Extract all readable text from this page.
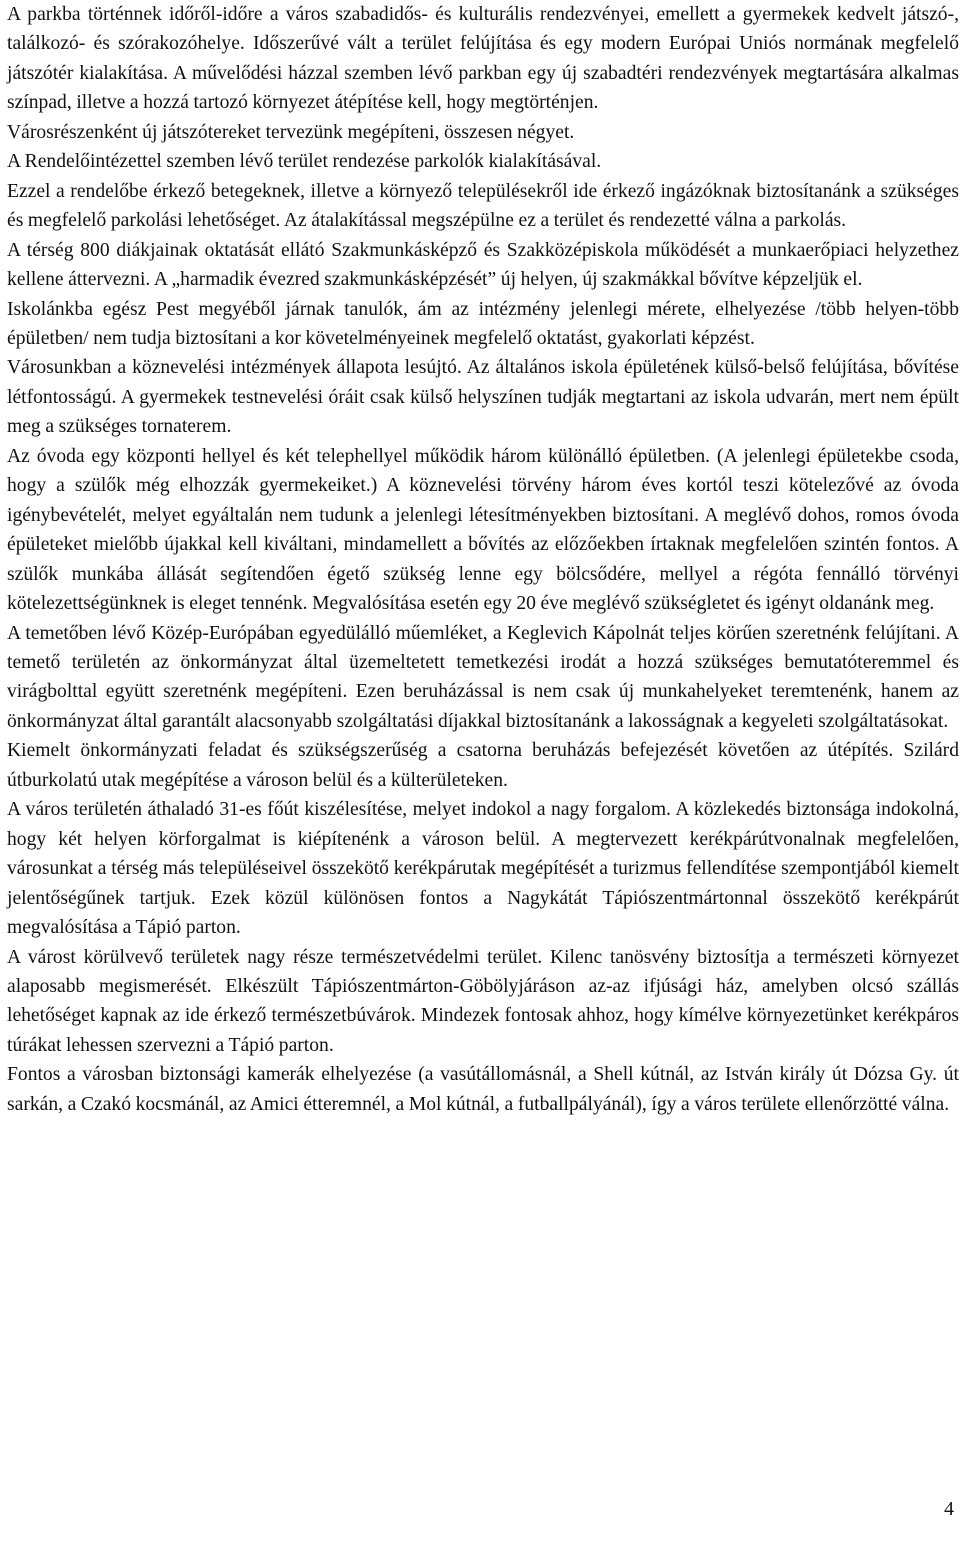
A parkba történnek időről-időre a város szabadidős- és kulturális rendezvényei, emellett a gyermekek kedvelt játszó-, találkozó- és szórakozóhelye. Időszerűvé vált a terület felújítása és egy modern Európai Uniós normának megfelelő játszótér kialakítása. A művelődési házzal szemben lévő parkban egy új szabadtéri rendezvények megtartására alkalmas színpad, illetve a hozzá tartozó környezet átépítése kell, hogy megtörténjen.

Városrészenként új játszótereket tervezünk megépíteni, összesen négyet.

A Rendelőintézettel szemben lévő terület rendezése parkolók kialakításával.

Ezzel a rendelőbe érkező betegeknek, illetve a környező településekről ide érkező ingázóknak biztosítanánk a szükséges és megfelelő parkolási lehetőséget. Az átalakítással megszépülne ez a terület és rendezetté válna a parkolás.

A térség 800 diákjainak oktatását ellátó Szakmunkásképző és Szakközépiskola működését a munkaerőpiaci helyzethez kellene áttervezni. A „harmadik évezred szakmunkásképzését” új helyen, új szakmákkal bővítve képzeljük el.

Iskolánkba egész Pest megyéből járnak tanulók, ám az intézmény jelenlegi mérete, elhelyezése /több helyen-több épületben/ nem tudja biztosítani a kor követelményeinek megfelelő oktatást, gyakorlati képzést.

Városunkban a köznevelési intézmények állapota lesújtó. Az általános iskola épületének külső-belső felújítása, bővítése létfontosságú. A gyermekek testnevelési óráit csak külső helyszínen tudják megtartani az iskola udvarán, mert nem épült meg a szükséges tornaterem.

Az óvoda egy központi hellyel és két telephellyel működik három különálló épületben. (A jelenlegi épületekbe csoda, hogy a szülők még elhozzák gyermekeiket.) A köznevelési törvény három éves kortól teszi kötelezővé az óvoda igénybevételét, melyet egyáltalán nem tudunk a jelenlegi létesítményekben biztosítani. A meglévő dohos, romos óvoda épületeket mielőbb újakkal kell kiváltani, mindamellett a bővítés az előzőekben írtaknak megfelelően szintén fontos. A szülők munkába állását segítendően égető szükség lenne egy bölcsődére, mellyel a régóta fennálló törvényi kötelezettségünknek is eleget tennénk. Megvalósítása esetén egy 20 éve meglévő szükségletet és igényt oldanánk meg.

A temetőben lévő Közép-Európában egyedülálló műemléket, a Keglevich Kápolnát teljes körűen szeretnénk felújítani. A temető területén az önkormányzat által üzemeltetett temetkezési irodát a hozzá szükséges bemutatóteremmel és virágbolttal együtt szeretnénk megépíteni. Ezen beruházással is nem csak új munkahelyeket teremtenénk, hanem az önkormányzat által garantált alacsonyabb szolgáltatási díjakkal biztosítanánk a lakosságnak a kegyeleti szolgáltatásokat.

Kiemelt önkormányzati feladat és szükségszerűség a csatorna beruházás befejezését követően az útépítés. Szilárd útburkolatú utak megépítése a városon belül és a külterületeken.

A város területén áthaladó 31-es főút kiszélesítése, melyet indokol a nagy forgalom. A közlekedés biztonsága indokolná, hogy két helyen körforgalmat is kiépítenénk a városon belül. A megtervezett kerékpárútvonalnak megfelelően, városunkat a térség más településeivel összekötő kerékpárutak megépítését a turizmus fellendítése szempontjából kiemelt jelentőségűnek tartjuk. Ezek közül különösen fontos a Nagykátát Tápiószentmártonnal összekötő kerékpárút megvalósítása a Tápió parton.

A várost körülvevő területek nagy része természetvédelmi terület. Kilenc tanösvény biztosítja a természeti környezet alaposabb megismerését. Elkészült Tápiószentmárton-Göbölyjáráson az-az ifjúsági ház, amelyben olcsó szállás lehetőséget kapnak az ide érkező természetbúvárok. Mindezek fontosak ahhoz, hogy kímélve környezetünket kerékpáros túrákat lehessen szervezni a Tápió parton.

Fontos a városban biztonsági kamerák elhelyezése (a vasútállomásnál, a Shell kútnál, az István király út Dózsa Gy. út sarkán, a Czakó kocsmánál, az Amici étteremnél, a Mol kútnál, a futballpályánál), így a város területe ellenőrzötté válna.

4
